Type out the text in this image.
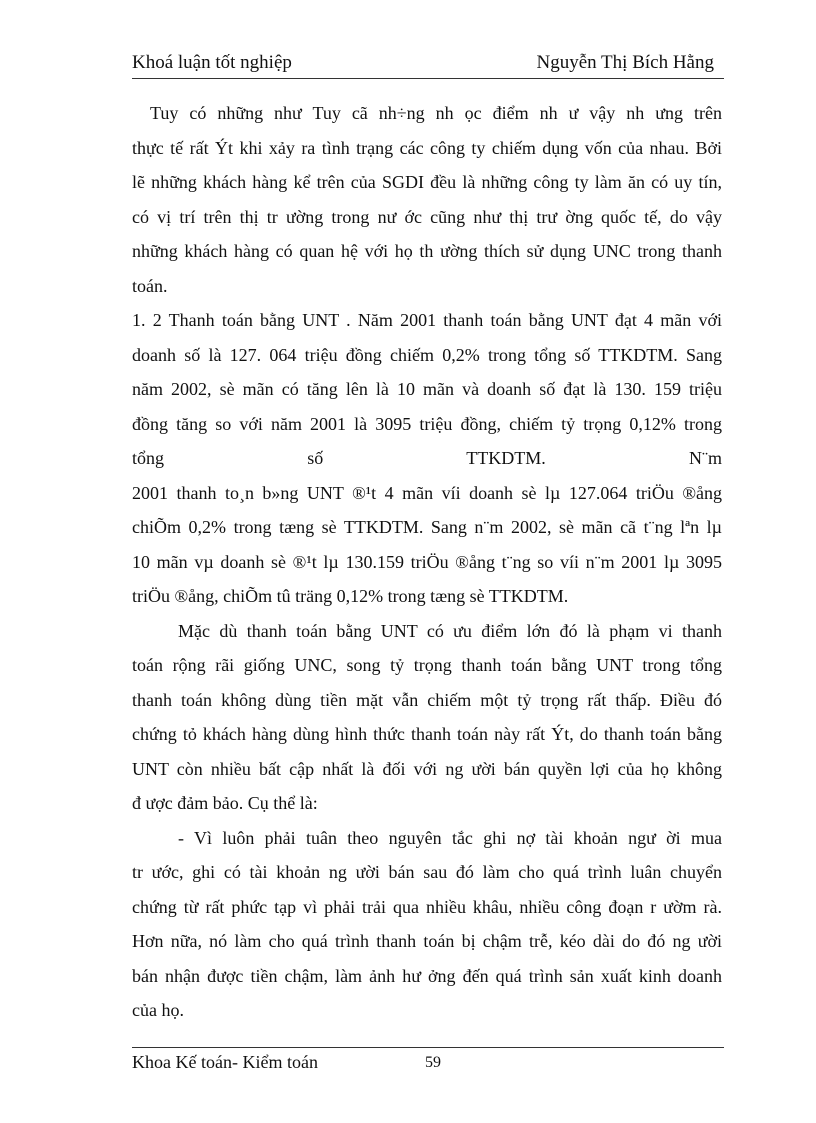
Khoá luận tốt nghiệp	Nguyễn Thị Bích Hằng
Tuy có những như Tuy cã nh÷ng nh ọc điểm nh ư vậy nh ưng trên
thực tế rất Ýt khi xảy ra tình trạng các công ty chiếm dụng vốn của nhau. Bởi
lẽ những khách hàng kể trên của SGDI đều là những công ty làm ăn có uy tín,
có vị trí trên thị tr ường trong nư ớc cũng như thị trư ờng quốc tế, do vậy
những khách hàng có quan hệ với họ th ường thích sử dụng UNC trong thanh
toán.
1. 2 Thanh toán bằng UNT . Năm 2001 thanh toán bằng UNT đạt 4 mãn với
doanh số là 127. 064 triệu đồng chiếm 0,2% trong tổng số TTKDTM. Sang
năm 2002, sè mãn có tăng lên là 10 mãn và doanh số đạt là 130. 159 triệu
đồng tăng so với năm 2001 là 3095 triệu đồng, chiếm tỷ trọng 0,12% trong
tổng số TTKDTM. N¨m
2001 thanh to¸n b»ng UNT ®¹t 4 mãn víi doanh sè lµ 127.064 triÖu ®ång
chiÕm 0,2% trong tæng sè TTKDTM. Sang n¨m 2002, sè mãn cã t¨ng lªn lµ
10 mãn vµ doanh sè ®¹t lµ 130.159 triÖu ®ång t¨ng so víi n¨m 2001 lµ 3095
triÖu ®ång, chiÕm tû träng 0,12% trong tæng sè TTKDTM.
Mặc dù thanh toán bằng UNT có ưu điểm lớn đó là phạm vi thanh
toán rộng rãi giống UNC, song tỷ trọng thanh toán bằng UNT trong tổng
thanh toán không dùng tiền mặt vẫn chiếm một tỷ trọng rất thấp. Điều đó
chứng tỏ khách hàng dùng hình thức thanh toán này rất Ýt, do thanh toán bằng
UNT còn nhiều bất cập nhất là đối với ng ười bán quyền lợi của họ không
đ ược đảm bảo. Cụ thể là:
- Vì luôn phải tuân theo nguyên tắc ghi nợ tài khoản ngư ời mua
tr ước, ghi có tài khoản ng ười bán sau đó làm cho quá trình luân chuyển
chứng từ rất phức tạp vì phải trải qua nhiều khâu, nhiều công đoạn r ườm rà.
Hơn nữa, nó làm cho quá trình thanh toán bị chậm trễ, kéo dài do đó ng ười
bán nhận được tiền chậm, làm ảnh hư ởng đến quá trình sản xuất kinh doanh
của họ.
Khoa Kế toán- Kiểm toán	59
